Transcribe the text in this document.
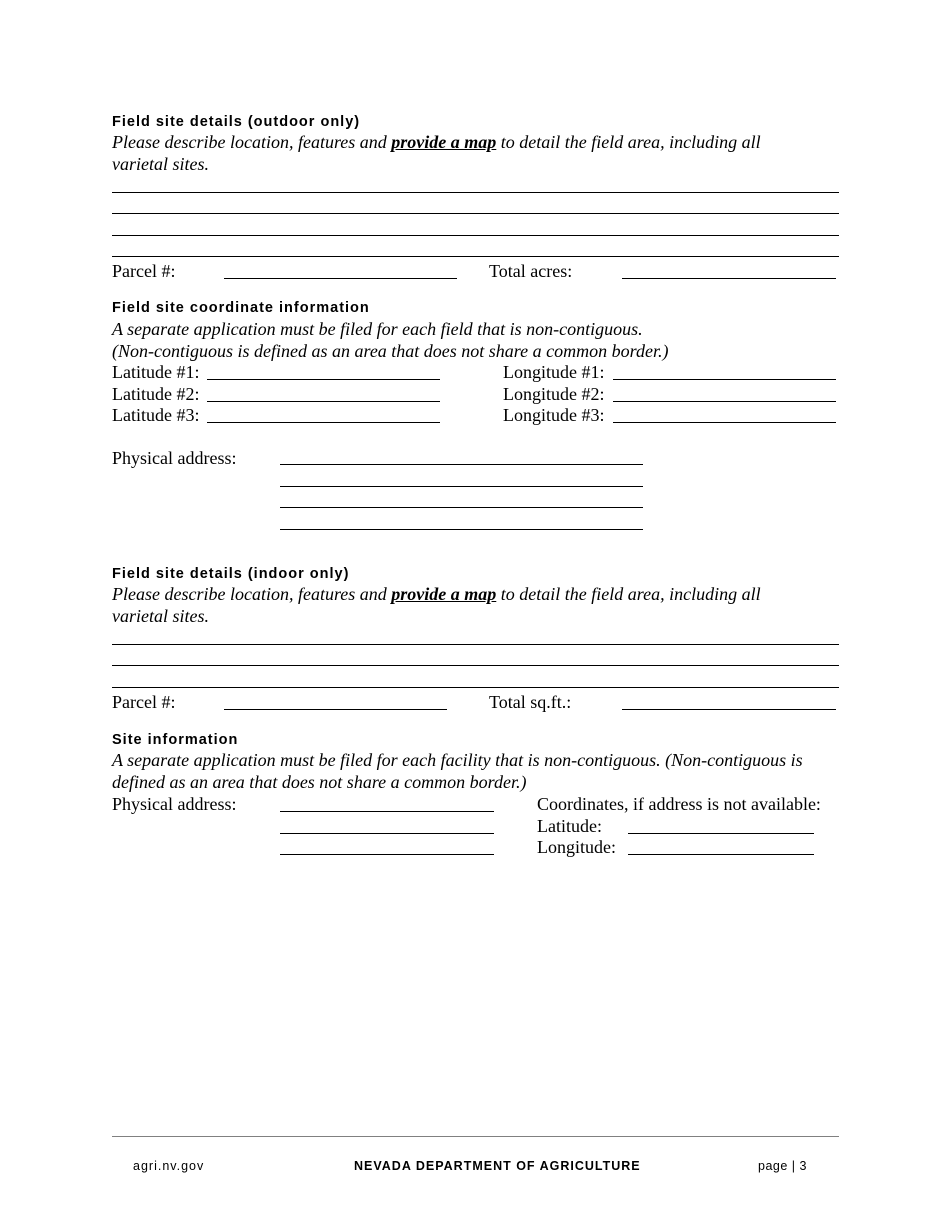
Field site details (outdoor only)
Please describe location, features and provide a map to detail the field area, including all varietal sites.
Parcel #:	Total acres:
Field site coordinate information
A separate application must be filed for each field that is non-contiguous.
(Non-contiguous is defined as an area that does not share a common border.)
Latitude #1:	Longitude #1:
Latitude #2:	Longitude #2:
Latitude #3:	Longitude #3:
Physical address:
Field site details (indoor only)
Please describe location, features and provide a map to detail the field area, including all varietal sites.
Parcel #:	Total sq.ft.:
Site information
A separate application must be filed for each facility that is non-contiguous. (Non-contiguous is defined as an area that does not share a common border.)
Physical address:	Coordinates, if address is not available:
Latitude:
Longitude:
agri.nv.gov	NEVADA DEPARTMENT OF AGRICULTURE	page | 3
